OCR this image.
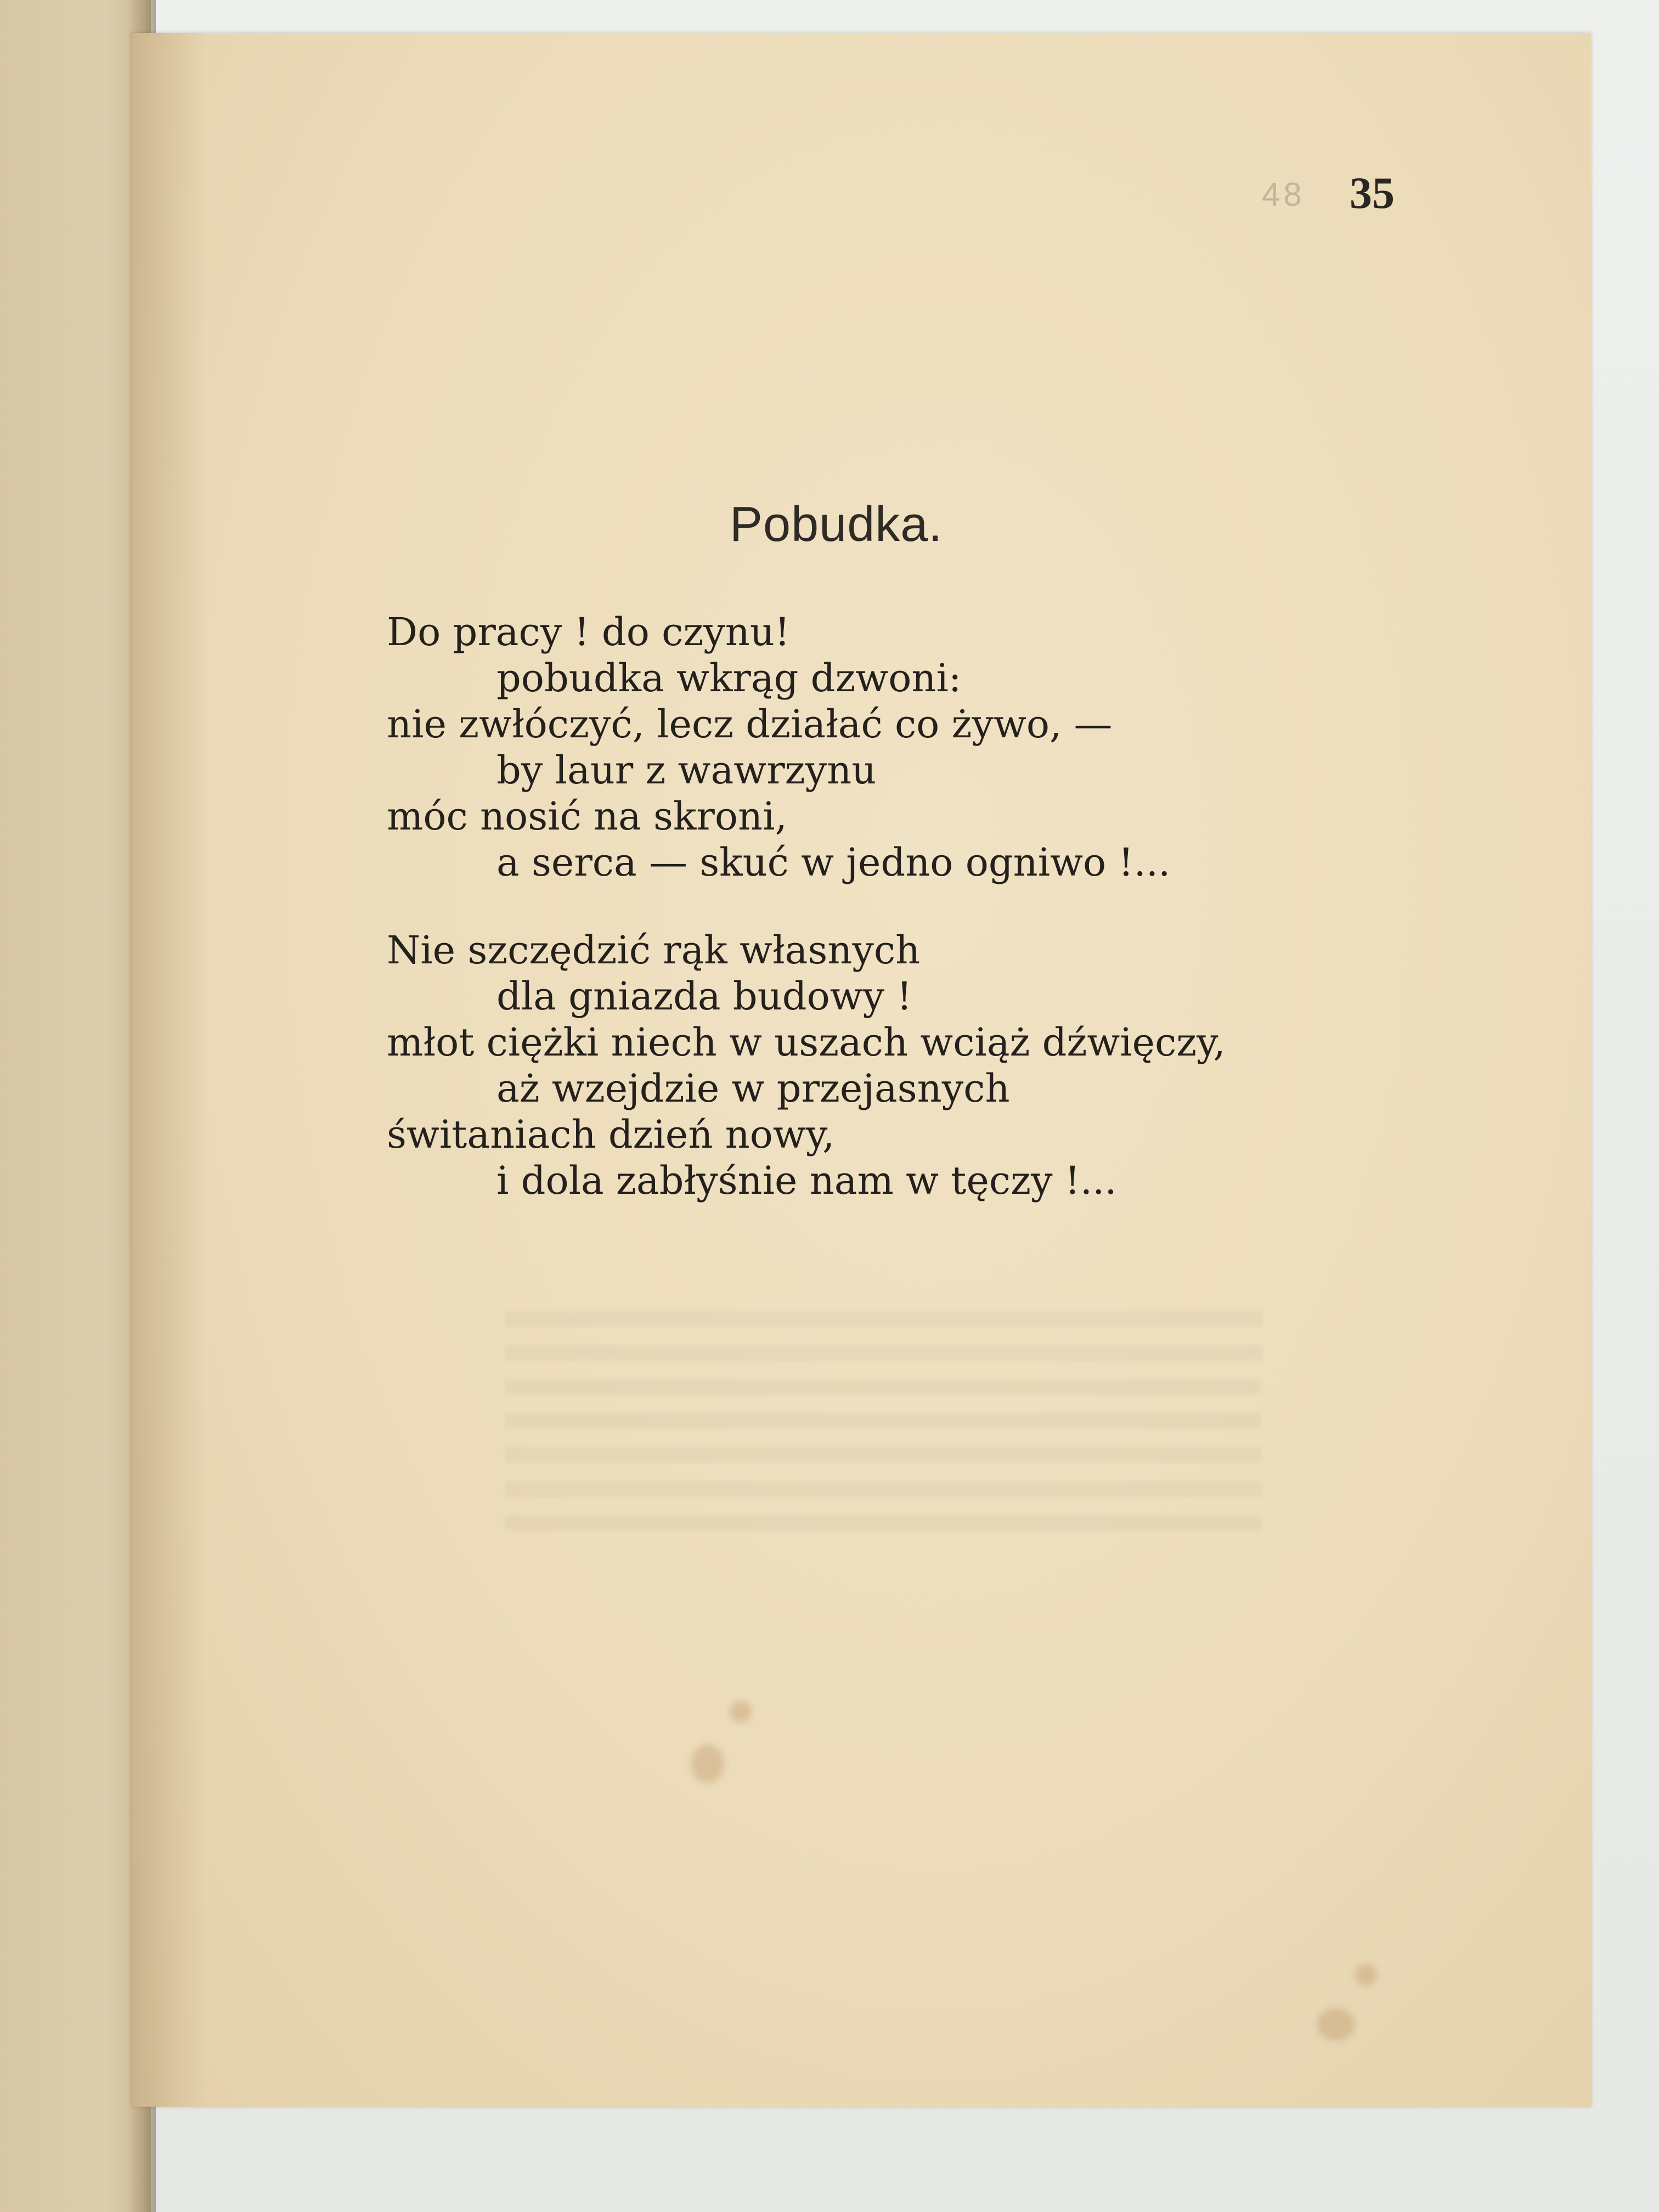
48 35
Pobudka.
Do pracy ! do czynu!
pobudka wkrąg dzwoni:
nie zwłóczyć, lecz działać co żywo, —
by laur z wawrzynu
móc nosić na skroni,
a serca — skuć w jedno ogniwo !...
Nie szczędzić rąk własnych
dla gniazda budowy !
młot ciężki niech w uszach wciąż dźwięczy,
aż wzejdzie w przejasnych
świtaniach dzień nowy,
i dola zabłyśnie nam w tęczy !...
